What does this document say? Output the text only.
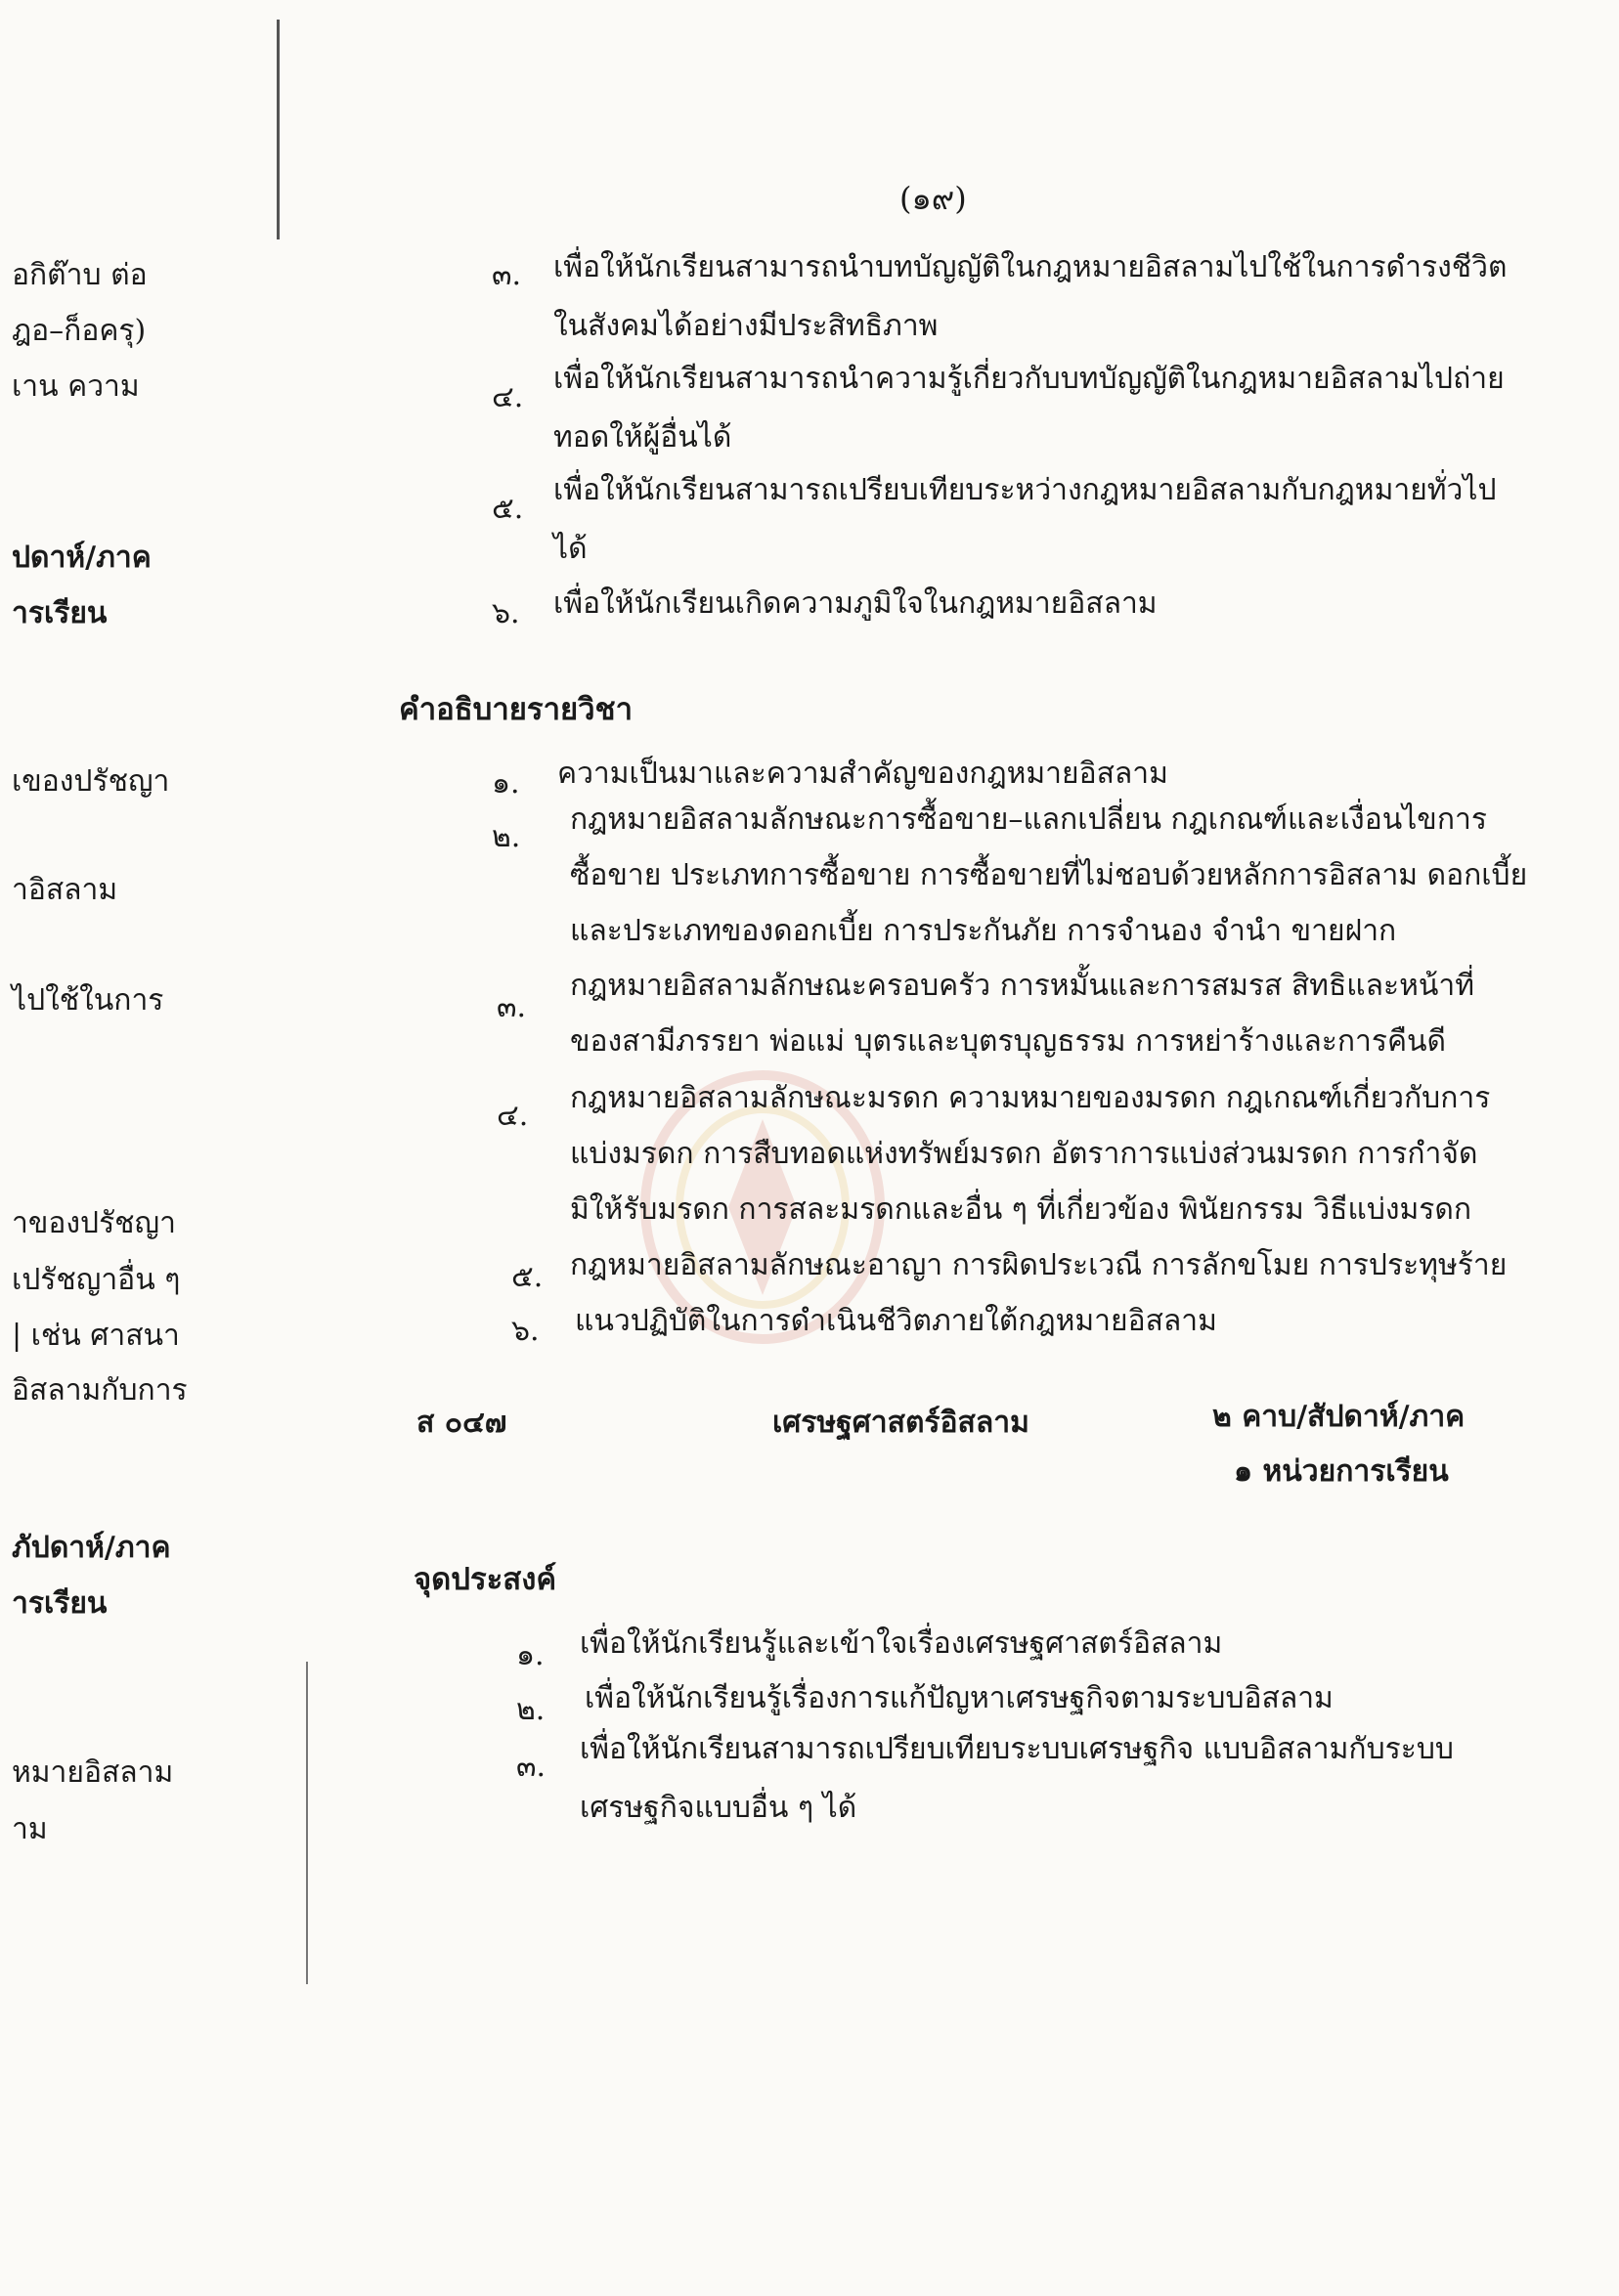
อกิต๊าบ ต่อ
ฎอ–ก็อครุ)
เาน ความ
ปดาห์/ภาค
ารเรียน
เของปรัชญา
าอิสลาม
ไปใช้ในการ
าของปรัชญา
เปรัชญาอื่น ๆ
| เช่น ศาสนา
อิสลามกับการ
ภัปดาห์/ภาค
ารเรียน
หมายอิสลาม
าม
(๑๙)
๓. เพื่อให้นักเรียนสามารถนำบทบัญญัติในกฎหมายอิสลามไปใช้ในการดำรงชีวิต
ในสังคมได้อย่างมีประสิทธิภาพ
๔.
เพื่อให้นักเรียนสามารถนำความรู้เกี่ยวกับบทบัญญัติในกฎหมายอิสลามไปถ่าย
ทอดให้ผู้อื่นได้
๕.
เพื่อให้นักเรียนสามารถเปรียบเทียบระหว่างกฎหมายอิสลามกับกฎหมายทั่วไป
ได้
๖. เพื่อให้นักเรียนเกิดความภูมิใจในกฎหมายอิสลาม
คำอธิบายรายวิชา
๑. ความเป็นมาและความสำคัญของกฎหมายอิสลาม
๒.
กฎหมายอิสลามลักษณะการซื้อขาย–แลกเปลี่ยน กฎเกณฑ์และเงื่อนไขการ
ซื้อขาย ประเภทการซื้อขาย การซื้อขายที่ไม่ชอบด้วยหลักการอิสลาม ดอกเบี้ย
และประเภทของดอกเบี้ย การประกันภัย การจำนอง จำนำ ขายฝาก
๓.
กฎหมายอิสลามลักษณะครอบครัว การหมั้นและการสมรส สิทธิและหน้าที่
ของสามีภรรยา พ่อแม่ บุตรและบุตรบุญธรรม การหย่าร้างและการคืนดี
๔.
กฎหมายอิสลามลักษณะมรดก ความหมายของมรดก กฎเกณฑ์เกี่ยวกับการ
แบ่งมรดก การสืบทอดแห่งทรัพย์มรดก อัตราการแบ่งส่วนมรดก การกำจัด
มิให้รับมรดก การสละมรดกและอื่น ๆ ที่เกี่ยวข้อง พินัยกรรม วิธีแบ่งมรดก
๕. กฎหมายอิสลามลักษณะอาญา การผิดประเวณี การลักขโมย การประทุษร้าย
๖. แนวปฏิบัติในการดำเนินชีวิตภายใต้กฎหมายอิสลาม
ส ๐๔๗	เศรษฐศาสตร์อิสลาม	๒ คาบ/สัปดาห์/ภาค
๑ หน่วยการเรียน
จุดประสงค์
๑. เพื่อให้นักเรียนรู้และเข้าใจเรื่องเศรษฐศาสตร์อิสลาม
๒. เพื่อให้นักเรียนรู้เรื่องการแก้ปัญหาเศรษฐกิจตามระบบอิสลาม
๓.
เพื่อให้นักเรียนสามารถเปรียบเทียบระบบเศรษฐกิจ แบบอิสลามกับระบบ
เศรษฐกิจแบบอื่น ๆ ได้
